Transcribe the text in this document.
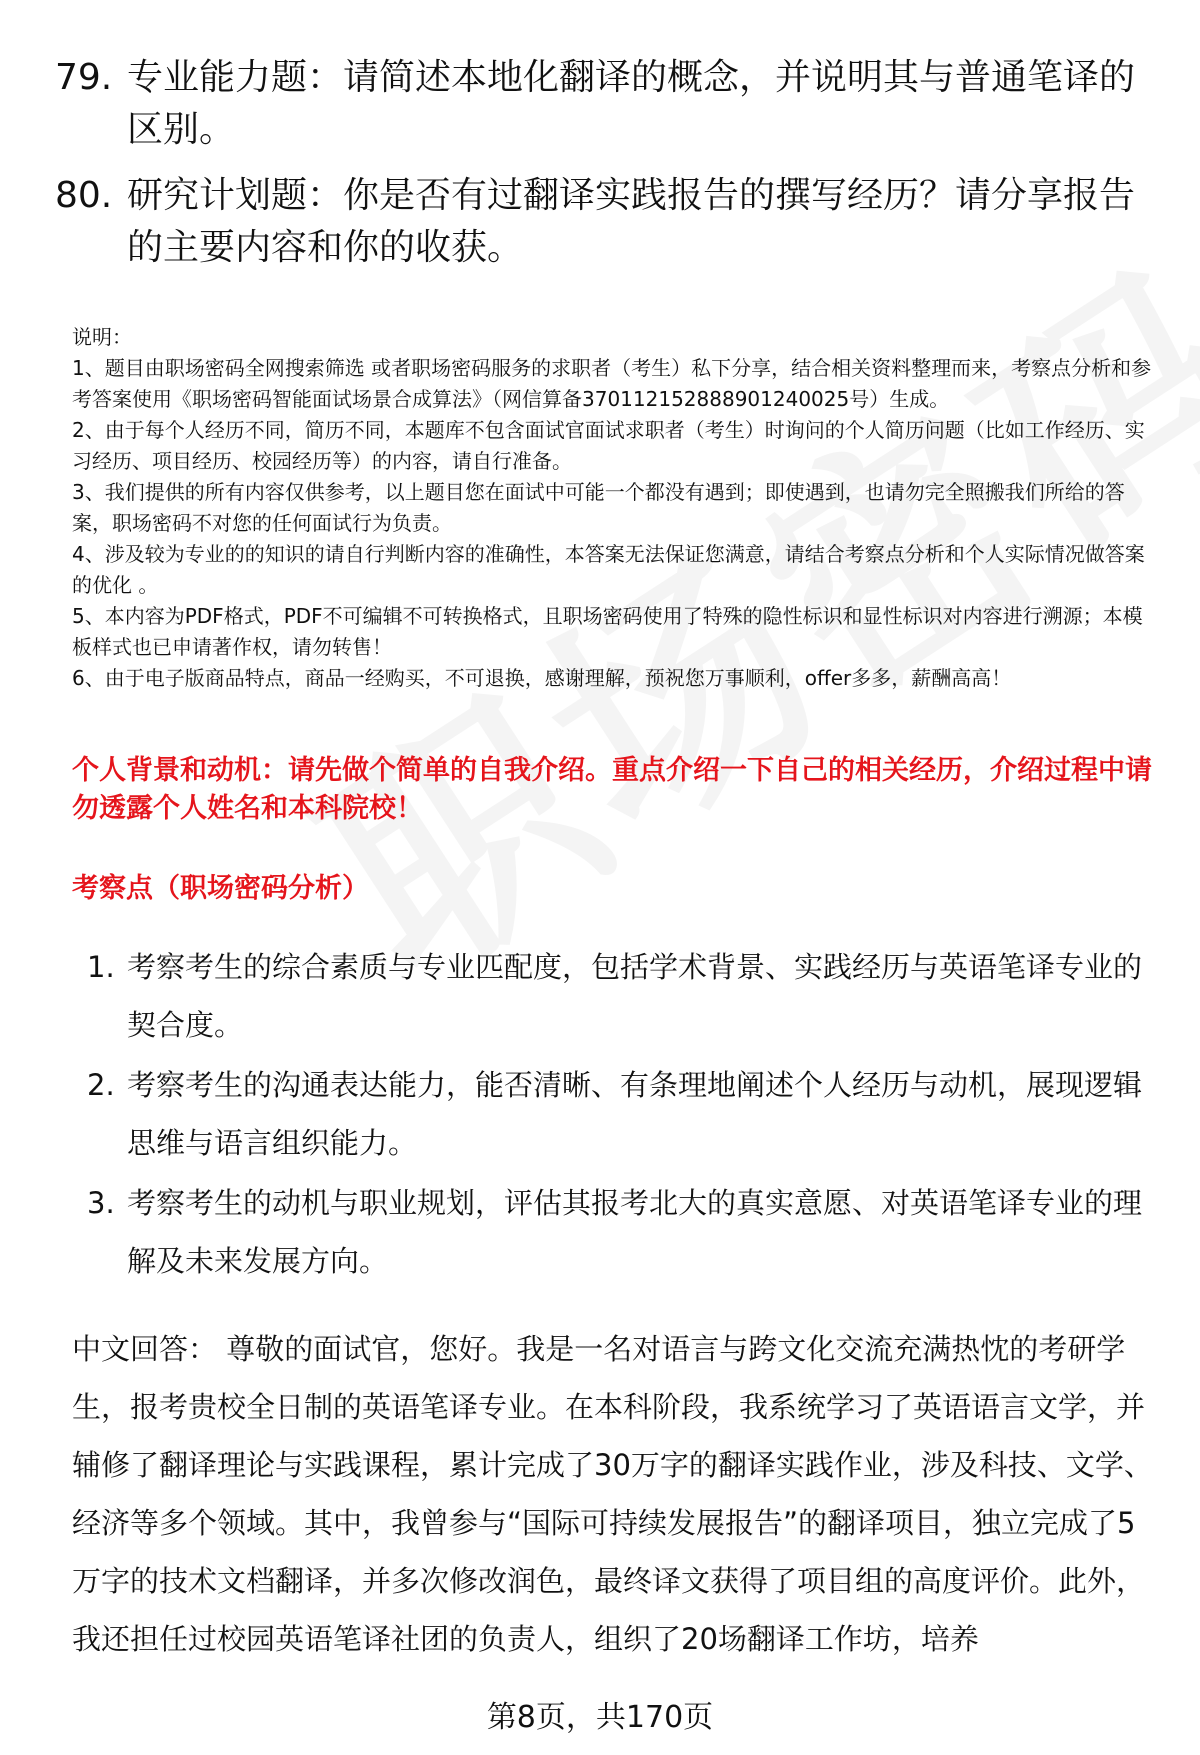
79. 专业能力题：请简述本地化翻译的概念，并说明其与普通笔译的区别。
80. 研究计划题：你是否有过翻译实践报告的撰写经历？请分享报告的主要内容和你的收获。
说明：
1、题目由职场密码全网搜索筛选 或者职场密码服务的求职者（考生）私下分享，结合相关资料整理而来，考察点分析和参考答案使用《职场密码智能面试场景合成算法》（网信算备370112152888901240025号）生成。
2、由于每个人经历不同，简历不同，本题库不包含面试官面试求职者（考生）时询问的个人简历问题（比如工作经历、实习经历、项目经历、校园经历等）的内容，请自行准备。
3、我们提供的所有内容仅供参考，以上题目您在面试中可能一个都没有遇到；即使遇到，也请勿完全照搬我们所给的答案，职场密码不对您的任何面试行为负责。
4、涉及较为专业的的知识的请自行判断内容的准确性，本答案无法保证您满意，请结合考察点分析和个人实际情况做答案的优化 。
5、本内容为PDF格式，PDF不可编辑不可转换格式，且职场密码使用了特殊的隐性标识和显性标识对内容进行溯源；本模板样式也已申请著作权，请勿转售！
6、由于电子版商品特点，商品一经购买，不可退换，感谢理解，预祝您万事顺利，offer多多，薪酬高高！
个人背景和动机：请先做个简单的自我介绍。重点介绍一下自己的相关经历，介绍过程中请勿透露个人姓名和本科院校！
考察点（职场密码分析）
1. 考察考生的综合素质与专业匹配度，包括学术背景、实践经历与英语笔译专业的契合度。
2. 考察考生的沟通表达能力，能否清晰、有条理地阐述个人经历与动机，展现逻辑思维与语言组织能力。
3. 考察考生的动机与职业规划，评估其报考北大的真实意愿、对英语笔译专业的理解及未来发展方向。
中文回答： 尊敬的面试官，您好。我是一名对语言与跨文化交流充满热忱的考研学生，报考贵校全日制的英语笔译专业。在本科阶段，我系统学习了英语语言文学，并辅修了翻译理论与实践课程，累计完成了30万字的翻译实践作业，涉及科技、文学、经济等多个领域。其中，我曾参与“国际可持续发展报告”的翻译项目，独立完成了5万字的技术文档翻译，并多次修改润色，最终译文获得了项目组的高度评价。此外，我还担任过校园英语笔译社团的负责人，组织了20场翻译工作坊，培养
第8页，共170页
